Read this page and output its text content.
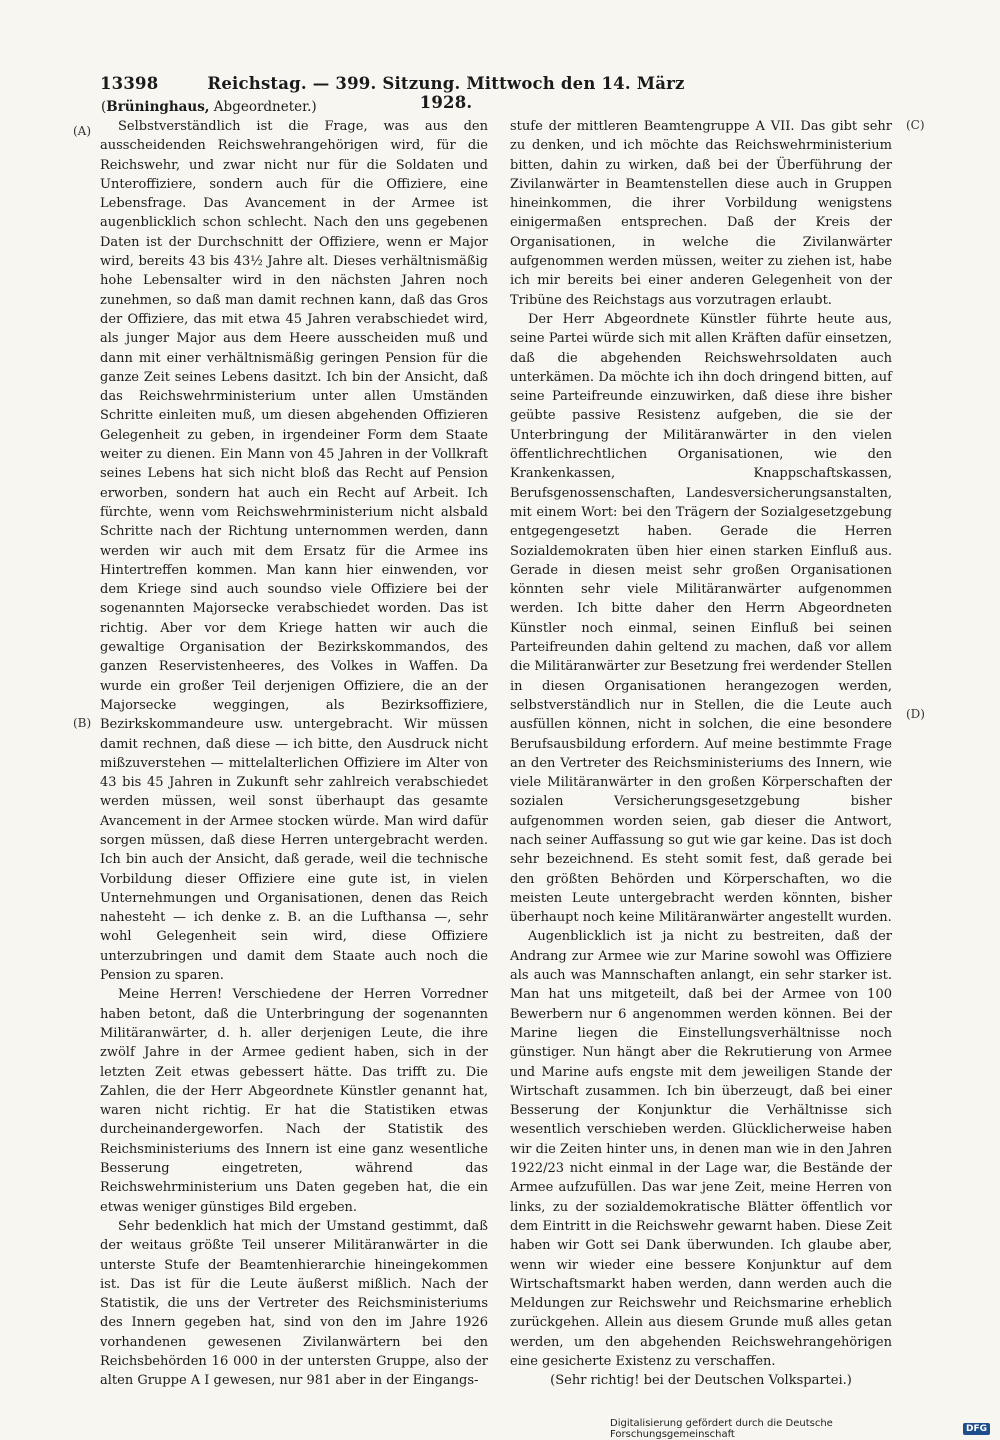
13398	Reichstag. — 399. Sitzung. Mittwoch den 14. März 1928.
(Brüninghaus, Abgeordneter.)
(A)
(B)
(C)
(D)

Selbstverständlich ist die Frage, was aus den ausscheidenden Reichswehrangehörigen wird, für die Reichswehr, und zwar nicht nur für die Soldaten und Unteroffiziere, sondern auch für die Offiziere, eine Lebensfrage. Das Avancement in der Armee ist augenblicklich schon schlecht. Nach den uns gegebenen Daten ist der Durchschnitt der Offiziere, wenn er Major wird, bereits 43 bis 43½ Jahre alt. Dieses verhältnismäßig hohe Lebensalter wird in den nächsten Jahren noch zunehmen, so daß man damit rechnen kann, daß das Gros der Offiziere, das mit etwa 45 Jahren verabschiedet wird, als junger Major aus dem Heere ausscheiden muß und dann mit einer verhältnismäßig geringen Pension für die ganze Zeit seines Lebens dasitzt. Ich bin der Ansicht, daß das Reichswehrministerium unter allen Umständen Schritte einleiten muß, um diesen abgehenden Offizieren Gelegenheit zu geben, in irgendeiner Form dem Staate weiter zu dienen. Ein Mann von 45 Jahren in der Vollkraft seines Lebens hat sich nicht bloß das Recht auf Pension erworben, sondern hat auch ein Recht auf Arbeit. Ich fürchte, wenn vom Reichswehrministerium nicht alsbald Schritte nach der Richtung unternommen werden, dann werden wir auch mit dem Ersatz für die Armee ins Hintertreffen kommen. Man kann hier einwenden, vor dem Kriege sind auch soundso viele Offiziere bei der sogenannten Majorsecke verabschiedet worden. Das ist richtig. Aber vor dem Kriege hatten wir auch die gewaltige Organisation der Bezirkskommandos, des ganzen Reservistenheeres, des Volkes in Waffen. Da wurde ein großer Teil derjenigen Offiziere, die an der Majorsecke weggingen, als Bezirksoffiziere, Bezirkskommandeure usw. untergebracht. Wir müssen damit rechnen, daß diese — ich bitte, den Ausdruck nicht mißzuverstehen — mittelalterlichen Offiziere im Alter von 43 bis 45 Jahren in Zukunft sehr zahlreich verabschiedet werden müssen, weil sonst überhaupt das gesamte Avancement in der Armee stocken würde. Man wird dafür sorgen müssen, daß diese Herren untergebracht werden. Ich bin auch der Ansicht, daß gerade, weil die technische Vorbildung dieser Offiziere eine gute ist, in vielen Unternehmungen und Organisationen, denen das Reich nahesteht — ich denke z. B. an die Lufthansa —, sehr wohl Gelegenheit sein wird, diese Offiziere unterzubringen und damit dem Staate auch noch die Pension zu sparen.

Meine Herren! Verschiedene der Herren Vorredner haben betont, daß die Unterbringung der sogenannten Militäranwärter, d. h. aller derjenigen Leute, die ihre zwölf Jahre in der Armee gedient haben, sich in der letzten Zeit etwas gebessert hätte. Das trifft zu. Die Zahlen, die der Herr Abgeordnete Künstler genannt hat, waren nicht richtig. Er hat die Statistiken etwas durcheinandergeworfen. Nach der Statistik des Reichsministeriums des Innern ist eine ganz wesentliche Besserung eingetreten, während das Reichswehrministerium uns Daten gegeben hat, die ein etwas weniger günstiges Bild ergeben.

Sehr bedenklich hat mich der Umstand gestimmt, daß der weitaus größte Teil unserer Militäranwärter in die unterste Stufe der Beamtenhierarchie hineingekommen ist. Das ist für die Leute äußerst mißlich. Nach der Statistik, die uns der Vertreter des Reichsministeriums des Innern gegeben hat, sind von den im Jahre 1926 vorhandenen gewesenen Zivilanwärtern bei den Reichsbehörden 16 000 in der untersten Gruppe, also der alten Gruppe A I gewesen, nur 981 aber in der Eingangs-

stufe der mittleren Beamtengruppe A VII. Das gibt sehr zu denken, und ich möchte das Reichswehrministerium bitten, dahin zu wirken, daß bei der Überführung der Zivilanwärter in Beamtenstellen diese auch in Gruppen hineinkommen, die ihrer Vorbildung wenigstens einigermaßen entsprechen. Daß der Kreis der Organisationen, in welche die Zivilanwärter aufgenommen werden müssen, weiter zu ziehen ist, habe ich mir bereits bei einer anderen Gelegenheit von der Tribüne des Reichstags aus vorzutragen erlaubt.

Der Herr Abgeordnete Künstler führte heute aus, seine Partei würde sich mit allen Kräften dafür einsetzen, daß die abgehenden Reichswehrsoldaten auch unterkämen. Da möchte ich ihn doch dringend bitten, auf seine Parteifreunde einzuwirken, daß diese ihre bisher geübte passive Resistenz aufgeben, die sie der Unterbringung der Militäranwärter in den vielen öffentlichrechtlichen Organisationen, wie den Krankenkassen, Knappschaftskassen, Berufsgenossenschaften, Landesversicherungsanstalten, mit einem Wort: bei den Trägern der Sozialgesetzgebung entgegengesetzt haben. Gerade die Herren Sozialdemokraten üben hier einen starken Einfluß aus. Gerade in diesen meist sehr großen Organisationen könnten sehr viele Militäranwärter aufgenommen werden. Ich bitte daher den Herrn Abgeordneten Künstler noch einmal, seinen Einfluß bei seinen Parteifreunden dahin geltend zu machen, daß vor allem die Militäranwärter zur Besetzung frei werdender Stellen in diesen Organisationen herangezogen werden, selbstverständlich nur in Stellen, die die Leute auch ausfüllen können, nicht in solchen, die eine besondere Berufsausbildung erfordern. Auf meine bestimmte Frage an den Vertreter des Reichsministeriums des Innern, wie viele Militäranwärter in den großen Körperschaften der sozialen Versicherungsgesetzgebung bisher aufgenommen worden seien, gab dieser die Antwort, nach seiner Auffassung so gut wie gar keine. Das ist doch sehr bezeichnend. Es steht somit fest, daß gerade bei den größten Behörden und Körperschaften, wo die meisten Leute untergebracht werden könnten, bisher überhaupt noch keine Militäranwärter angestellt wurden.

Augenblicklich ist ja nicht zu bestreiten, daß der Andrang zur Armee wie zur Marine sowohl was Offiziere als auch was Mannschaften anlangt, ein sehr starker ist. Man hat uns mitgeteilt, daß bei der Armee von 100 Bewerbern nur 6 angenommen werden können. Bei der Marine liegen die Einstellungsverhältnisse noch günstiger. Nun hängt aber die Rekrutierung von Armee und Marine aufs engste mit dem jeweiligen Stande der Wirtschaft zusammen. Ich bin überzeugt, daß bei einer Besserung der Konjunktur die Verhältnisse sich wesentlich verschieben werden. Glücklicherweise haben wir die Zeiten hinter uns, in denen man wie in den Jahren 1922/23 nicht einmal in der Lage war, die Bestände der Armee aufzufüllen. Das war jene Zeit, meine Herren von links, zu der sozialdemokratische Blätter öffentlich vor dem Eintritt in die Reichswehr gewarnt haben. Diese Zeit haben wir Gott sei Dank überwunden. Ich glaube aber, wenn wir wieder eine bessere Konjunktur auf dem Wirtschaftsmarkt haben werden, dann werden auch die Meldungen zur Reichswehr und Reichsmarine erheblich zurückgehen. Allein aus diesem Grunde muß alles getan werden, um den abgehenden Reichswehrangehörigen eine gesicherte Existenz zu verschaffen.

(Sehr richtig! bei der Deutschen Volkspartei.)

Digitalisierung gefördert durch die Deutsche Forschungsgemeinschaft	DFG
